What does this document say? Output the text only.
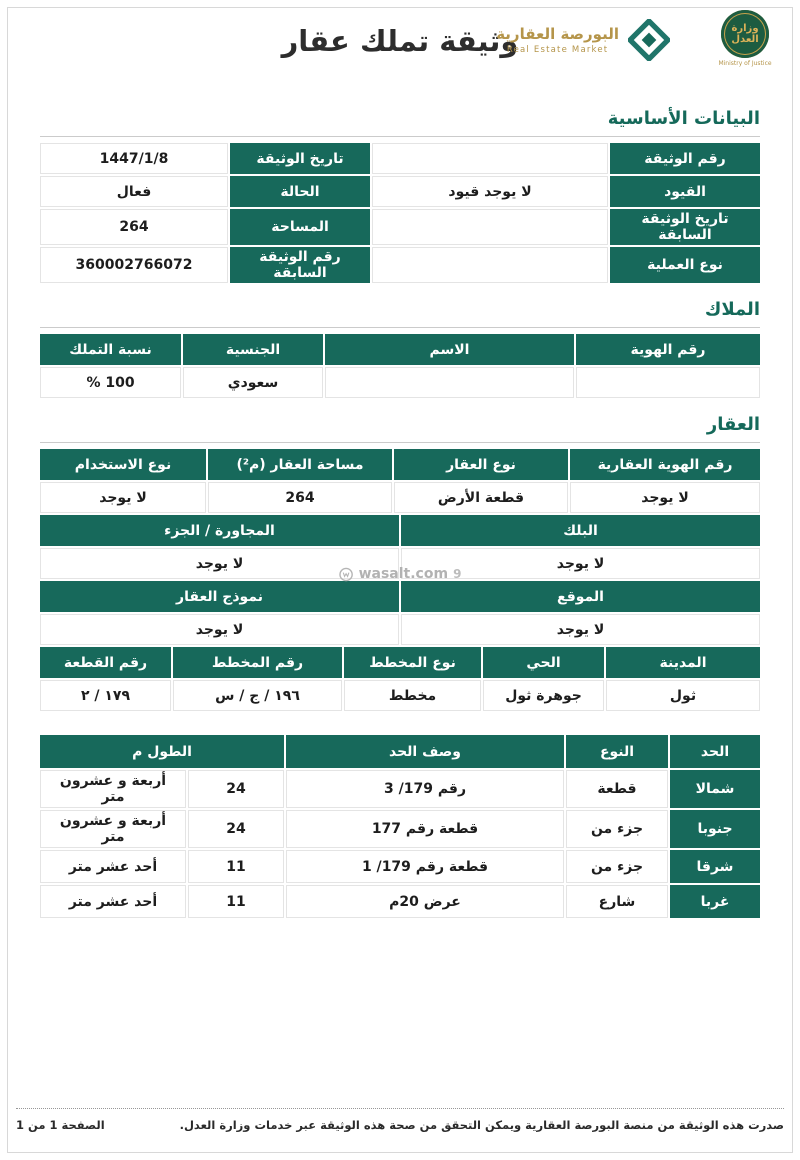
وثيقة تملك عقار	وزارة العدل
Ministry of Justice
البورصة العقارية
Real Estate Market
البيانات الأساسية
رقم الوثيقة
تاريخ الوثيقة
1447/1/8
القيود
لا يوجد قيود
الحالة
فعال
تاريخ الوثيقة السابقة
المساحة
264
نوع العملية
رقم الوثيقة السابقة
360002766072
الملاك
رقم الهوية
الاسم
الجنسية
نسبة التملك
سعودي
100 %
العقار
رقم الهوية العقارية
نوع العقار
مساحة العقار (م²)
نوع الاستخدام
لا يوجد
قطعة الأرض
264
لا يوجد
البلك
المجاورة / الجزء
لا يوجد
لا يوجد
الموقع
نموذج العقار
لا يوجد
لا يوجد
المدينة
الحي
نوع المخطط
رقم المخطط
رقم القطعة
ثول
جوهرة ثول
مخطط
١٩٦ / ج / س
١٧٩ / ٢
الحد
النوع
وصف الحد
الطول م
شمالا
قطعة
رقم 179/ 3
24
أربعة و عشرون متر
جنوبا
جزء من
قطعة رقم 177
24
أربعة و عشرون متر
شرقا
جزء من
قطعة رقم 179/ 1
11
أحد عشر متر
غربا
شارع
عرض 20م
11
أحد عشر متر
wasalt.com 9
صدرت هذه الوثيقة من منصة البورصة العقارية ويمكن التحقق من صحة هذه الوثيقة عبر خدمات وزارة العدل.
الصفحة 1 من 1
